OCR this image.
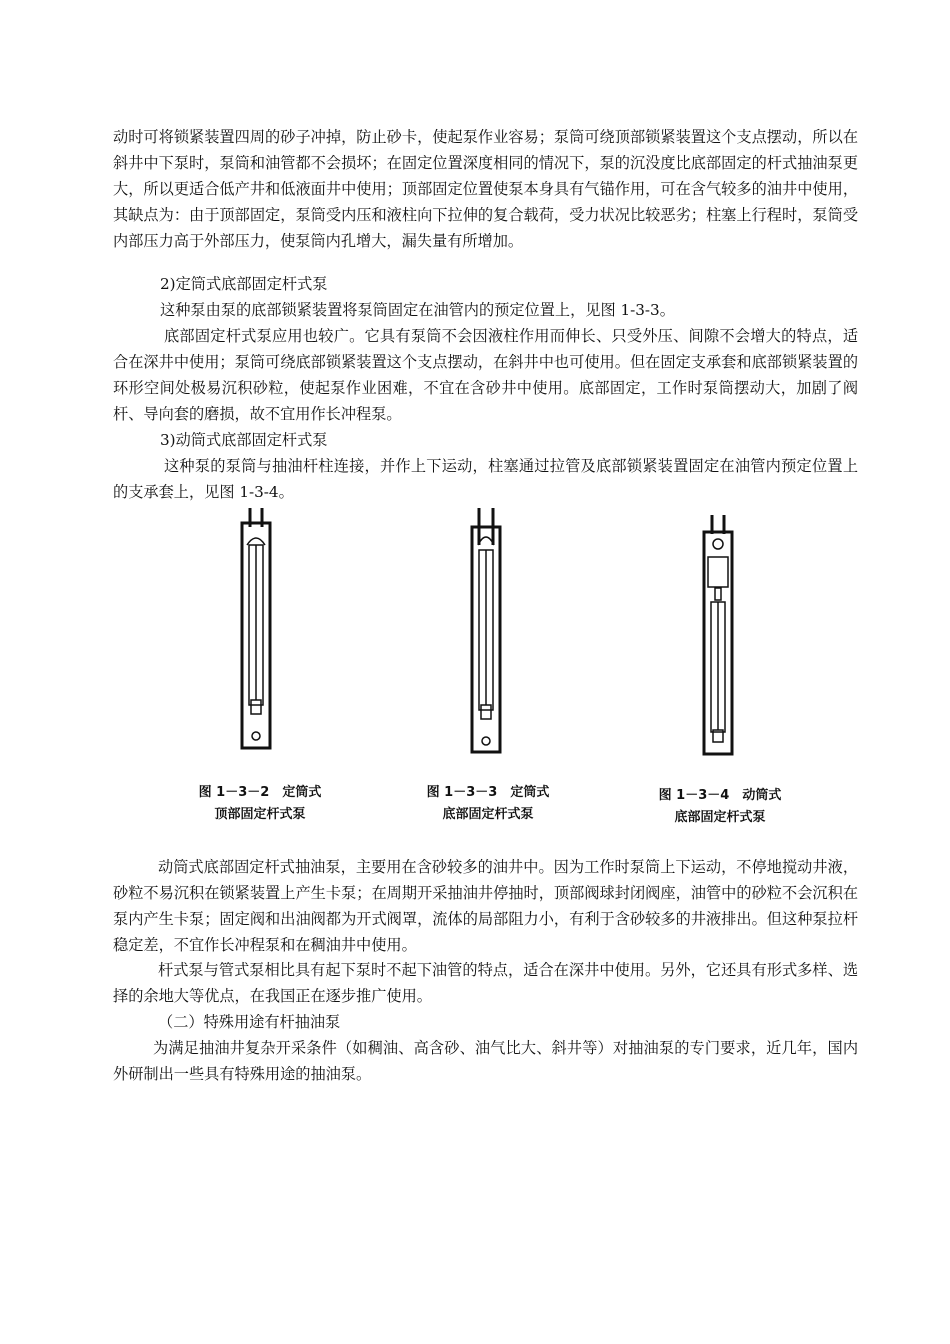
动时可将锁紧装置四周的砂子冲掉，防止砂卡，使起泵作业容易；泵筒可绕顶部锁紧装置这个支点摆动，所以在斜井中下泵时，泵筒和油管都不会损坏；在固定位置深度相同的情况下，泵的沉没度比底部固定的杆式抽油泵更大，所以更适合低产井和低液面井中使用；顶部固定位置使泵本身具有气锚作用，可在含气较多的油井中使用，其缺点为：由于顶部固定，泵筒受内压和液柱向下拉伸的复合载荷，受力状况比较恶劣；柱塞上行程时，泵筒受内部压力高于外部压力，使泵筒内孔增大，漏失量有所增加。

2)定筒式底部固定杆式泵

这种泵由泵的底部锁紧装置将泵筒固定在油管内的预定位置上，见图 1-3-3。

底部固定杆式泵应用也较广。它具有泵筒不会因液柱作用而伸长、只受外压、间隙不会增大的特点，适合在深井中使用；泵筒可绕底部锁紧装置这个支点摆动，在斜井中也可使用。但在固定支承套和底部锁紧装置的环形空间处极易沉积砂粒，使起泵作业困难，不宜在含砂井中使用。底部固定，工作时泵筒摆动大，加剧了阀杆、导向套的磨损，故不宜用作长冲程泵。

3)动筒式底部固定杆式泵

这种泵的泵筒与抽油杆柱连接，并作上下运动，柱塞通过拉管及底部锁紧装置固定在油管内预定位置上的支承套上，见图 1-3-4。

图 1－3－2　定筒式
顶部固定杆式泵
图 1－3－3　定筒式
底部固定杆式泵
图 1－3－4　动筒式
底部固定杆式泵

动筒式底部固定杆式抽油泵，主要用在含砂较多的油井中。因为工作时泵筒上下运动，不停地搅动井液，砂粒不易沉积在锁紧装置上产生卡泵；在周期开采抽油井停抽时，顶部阀球封闭阀座，油管中的砂粒不会沉积在泵内产生卡泵；固定阀和出油阀都为开式阀罩，流体的局部阻力小，有利于含砂较多的井液排出。但这种泵拉杆稳定差，不宜作长冲程泵和在稠油井中使用。

杆式泵与管式泵相比具有起下泵时不起下油管的特点，适合在深井中使用。另外，它还具有形式多样、选择的余地大等优点，在我国正在逐步推广使用。

（二）特殊用途有杆抽油泵

为满足抽油井复杂开采条件（如稠油、高含砂、油气比大、斜井等）对抽油泵的专门要求，近几年，国内外研制出一些具有特殊用途的抽油泵。
